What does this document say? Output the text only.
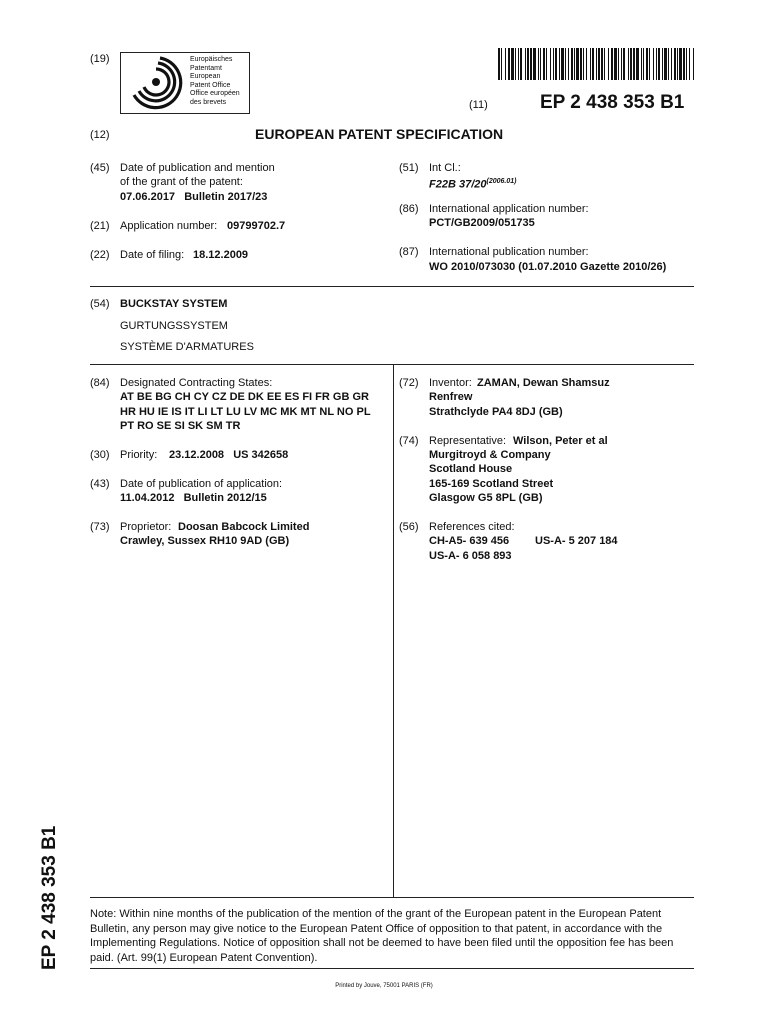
(19)	Europäisches
Patentamt
European
Patent Office
Office européen
des brevets	(11)	EP 2 438 353 B1
(12)	EUROPEAN PATENT SPECIFICATION
(45) Date of publication and mention
of the grant of the patent:
07.06.2017   Bulletin 2017/23
(21) Application number: 09799702.7
(22) Date of filing: 18.12.2009
(51) Int Cl.:
F22B $37/20^{(2006.01)}$
(86) International application number:
PCT/GB2009/051735
(87) International publication number:
WO 2010/073030 (01.07.2010 Gazette 2010/26)
(54) BUCKSTAY SYSTEM
GURTUNGSSYSTEM
SYSTÈME D'ARMATURES
(84) Designated Contracting States:
AT BE BG CH CY CZ DE DK EE ES FI FR GB GR
HR HU IE IS IT LI LT LU LV MC MK MT NL NO PL
PT RO SE SI SK SM TR
(30) Priority: 23.12.2008   US 342658
(43) Date of publication of application:
11.04.2012   Bulletin 2012/15
(73) Proprietor: Doosan Babcock Limited
Crawley, Sussex RH10 9AD (GB)
(72) Inventor: ZAMAN, Dewan Shamsuz
Renfrew
Strathclyde PA4 8DJ (GB)
(74) Representative: Wilson, Peter et al
Murgitroyd & Company
Scotland House
165-169 Scotland Street
Glasgow G5 8PL (GB)
(56) References cited:
CH-A5- 639 456 US-A- 5 207 184
US-A- 6 058 893
EP 2 438 353 B1	Note: Within nine months of the publication of the mention of the grant of the European patent in the European Patent Bulletin, any person may give notice to the European Patent Office of opposition to that patent, in accordance with the Implementing Regulations. Notice of opposition shall not be deemed to have been filed until the opposition fee has been paid. (Art. 99(1) European Patent Convention).
Printed by Jouve, 75001 PARIS (FR)
